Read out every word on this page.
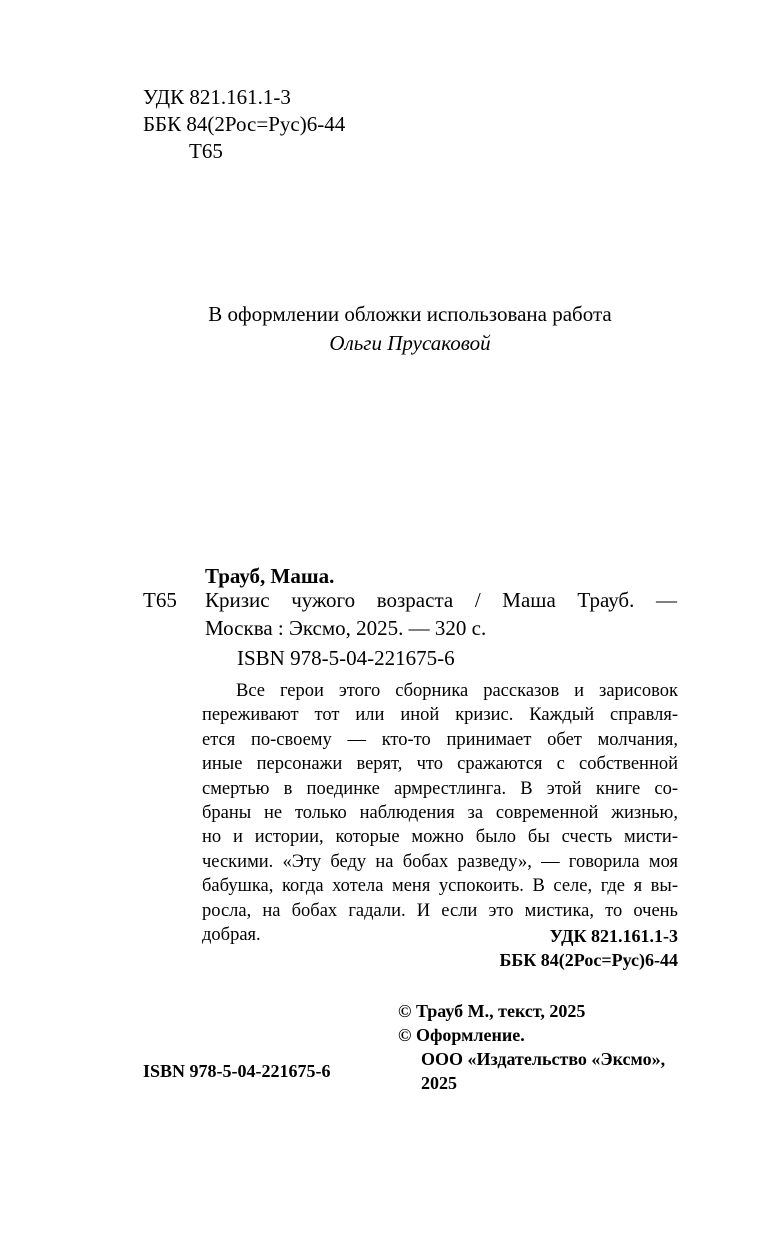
УДК 821.161.1-3
ББК 84(2Рос=Рус)6-44
Т65
В оформлении обложки использована работа
Ольги Прусаковой
Трауб, Маша.
Т65 Кризис чужого возраста / Маша Трауб. —
Москва : Эксмо, 2025. — 320 с.
ISBN 978-5-04-221675-6
Все герои этого сборника рассказов и зарисовок
переживают тот или иной кризис. Каждый справля-
ется по-своему — кто-то принимает обет молчания,
иные персонажи верят, что сражаются с собственной
смертью в поединке армрестлинга. В этой книге со-
браны не только наблюдения за современной жизнью,
но и истории, которые можно было бы счесть мисти-
ческими. «Эту беду на бобах разведу», — говорила моя
бабушка, когда хотела меня успокоить. В селе, где я вы-
росла, на бобах гадали. И если это мистика, то очень
добрая.	УДК 821.161.1-3
ББК 84(2Рос=Рус)6-44
© Трауб М., текст, 2025
© Оформление.
ООО «Издательство «Эксмо»,
2025
ISBN 978-5-04-221675-6
